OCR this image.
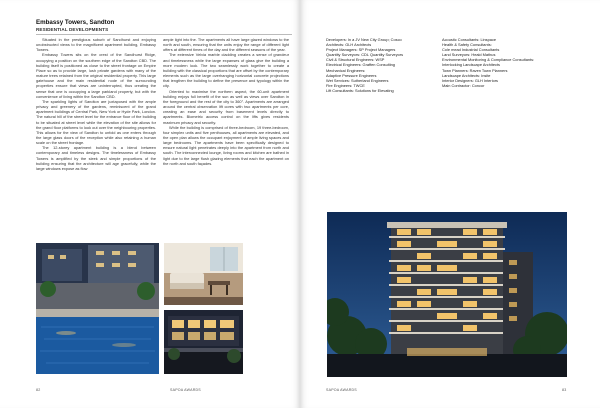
Embassy Towers, Sandton
RESIDENTIAL DEVELOPMENTS

Situated in the prestigious suburb of Sandhurst and enjoying unobstructed views to the magnificent apartment building, Embassy Towers.

Embassy Towers sits on the crest of the Sandhurst Ridge, occupying a position on the southern edge of the Sandton CBD. The building itself is positioned as close to the street frontage on Empire Place so as to provide large, lush private gardens with many of the mature trees retained from the original residential property. This large gatehouse and the main residential node of the surrounding properties ensure that views are uninterrupted, thus creating the sense that one is occupying a large parkland property, but with the convenience of living within the Sandton CBD.

The sparkling lights of Sandton are juxtaposed with the ample privacy and greenery of the gardens, reminiscent of the grand apartment buildings of Central Park, New York or Hyde Park, London. The natural hill of the street level for the entrance floor of the building to be situated at street level while the elevation of the site allows for the grand floor platforms to look out over the neighbouring properties. This allows for the view of Sandton to unfold as one enters through the large glass doors of the reception while also retaining a human scale on the street frontage.

The 12-storey apartment building is a blend between contemporary and timeless designs. The timelessness of Embassy Towers is amplified by the sleek and simple proportions of the building ensuring that the architecture will age gracefully, while the large windows expose as flow

ample light into the. The apartments all have large glazed windows to the north and south, ensuring that the units enjoy the range of different light offers at different times of the day and the different seasons of the year.

The extensive Velvia marble cladding creates a sense of grandeur and timelessness while the large expanses of glass give the building a more modern look. The two seamlessly work together to create a building with the classical proportions that are offset by the contemporary elements such as the large overhanging horizontal concrete projections that lengthen the building to define the presence and typology within the city.

Oriented to maximise the northern aspect, the 60-unit apartment building enjoys full benefit of the sun as well as views over Sandton in the foreground and the rest of the city to 360°. Apartments are arranged around the central observation lift cores with two apartments per core, creating an ease and security from basement levels directly to apartments. Biometric access control on the lifts gives residents maximum privacy and security.

While the building is comprised of three-bedroom, 19 three-bedroom, four simplex units and five penthouses, all apartments are elevated, and the open plan allows the occupant enjoyment of ample living spaces and large bedrooms. The apartments have been specifically designed to ensure natural light penetrates deeply into the apartment from north and south. The interconnected lounge, living rooms and kitchen are bathed in light due to the large flush glazing elements that each the apartment on the north and south façades.

82	SAPOA AWARDS	SAPOA AWARDS	83
Developers: In a JV New City Group; Cosco
Architects: GLH Architects
Project Managers: SP Project Managers
Quantity Surveyors: CDL Quantity Surveyors
Civil & Structural Engineers: WSP
Electrical Engineers: Graffen Consulting
Mechanical Engineers:
Adaptive Pressure Engineers
Wet Services: Sutherland Engineers
Fire Engineers: TWCE
Lift Consultants: Solutions for Elevating
Acoustic Consultants: Linspace
Health & Safety Consultants:
Cole mead Industrial Consultants
Land Surveyors: Heald Mathus
Environmental Monitoring & Compliance Consultants:
Interlocking Landscape Architects
Town Planners: Raven Town Planners
Landscape Architects: Insite
Interior Designers: GLH Interiors
Main Contractor: Concor
